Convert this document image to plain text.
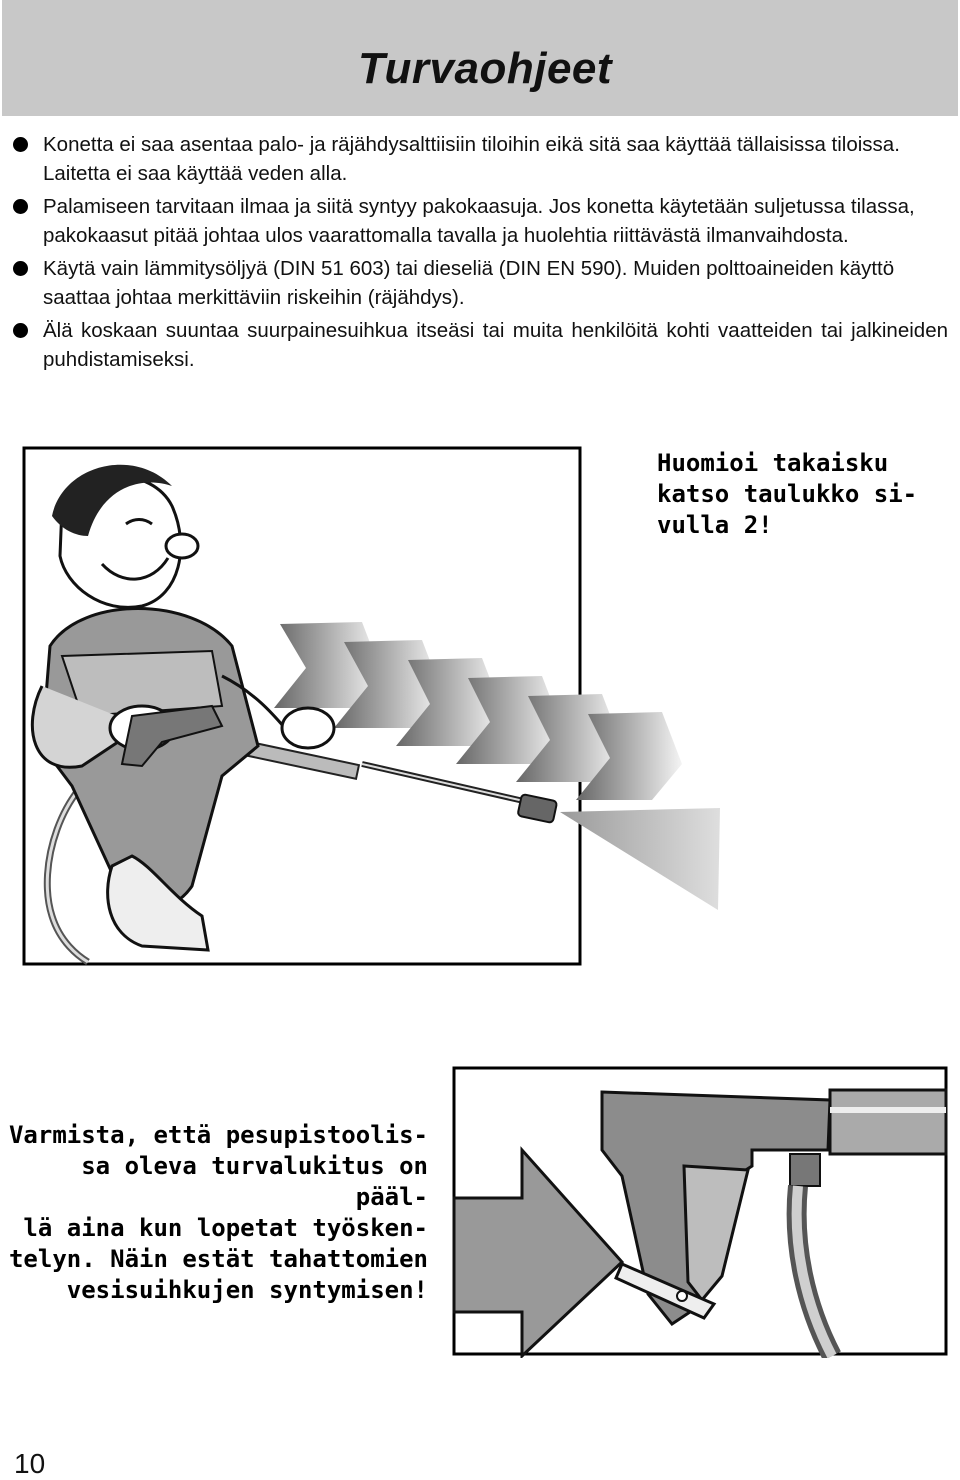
Turvaohjeet
Konetta ei saa asentaa palo- ja räjähdysalttiisiin tiloihin eikä sitä saa käyttää tällaisissa tiloissa. Laitetta ei saa käyttää veden alla.
Palamiseen tarvitaan ilmaa ja siitä syntyy pakokaasuja. Jos konetta käytetään suljetussa tilassa, pakokaasut pitää johtaa ulos vaarattomalla tavalla ja huolehtia riittävästä ilmanvaihdosta.
Käytä vain lämmitysöljyä (DIN 51 603) tai dieseliä (DIN EN 590). Muiden polttoaineiden käyttö saattaa johtaa merkittäviin riskeihin (räjähdys).
Älä koskaan suuntaa suurpainesuihkua itseäsi tai muita henkilöitä kohti vaatteiden tai jalkineiden puhdistamiseksi.
Huomioi takaisku
katso taulukko si-
vulla 2!
Varmista, että pesupistoolis-
sa oleva turvalukitus on pääl-
lä aina kun lopetat työsken-
telyn. Näin estät tahattomien
vesisuihkujen syntymisen!
10
